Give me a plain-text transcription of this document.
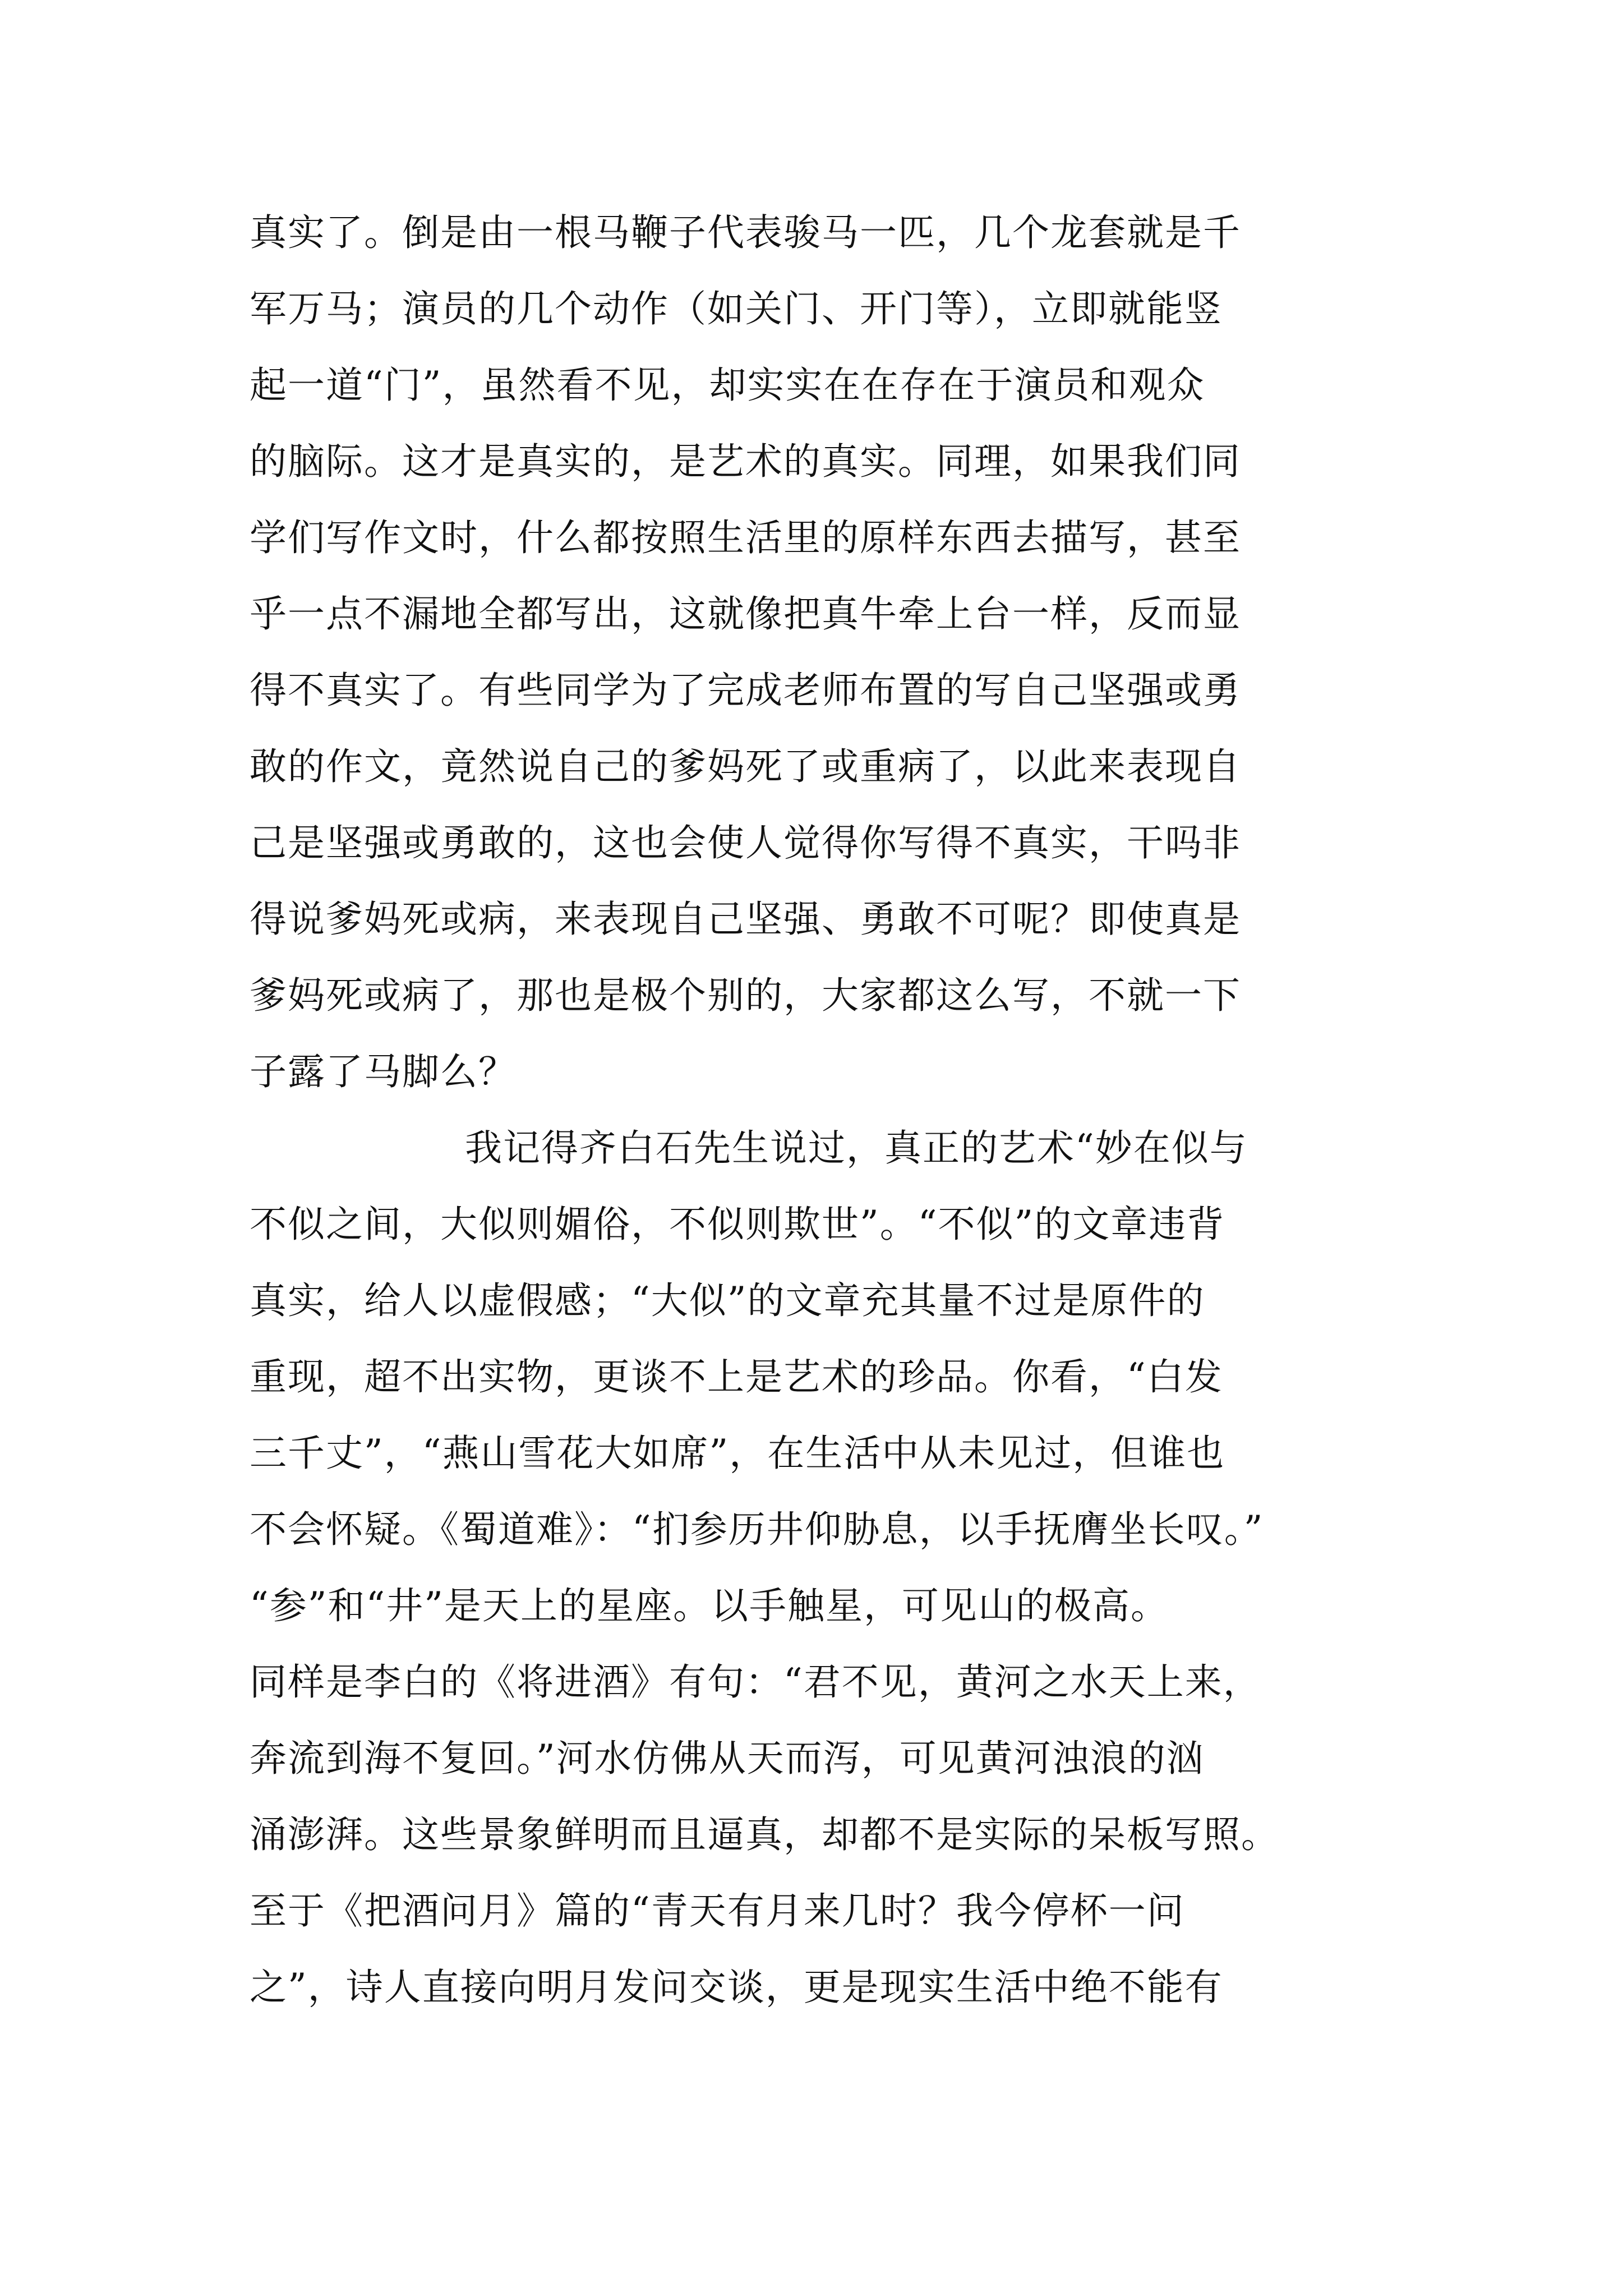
真实了。倒是由一根马鞭子代表骏马一匹，几个龙套就是千
军万马；演员的几个动作（如关门、开门等），立即就能竖
起一道“门”，虽然看不见，却实实在在存在于演员和观众
的脑际。这才是真实的，是艺术的真实。同理，如果我们同
学们写作文时，什么都按照生活里的原样东西去描写，甚至
乎一点不漏地全都写出，这就像把真牛牵上台一样，反而显
得不真实了。有些同学为了完成老师布置的写自己坚强或勇
敢的作文，竟然说自己的爹妈死了或重病了，以此来表现自
己是坚强或勇敢的，这也会使人觉得你写得不真实，干吗非
得说爹妈死或病，来表现自己坚强、勇敢不可呢？即使真是
爹妈死或病了，那也是极个别的，大家都这么写，不就一下
子露了马脚么？
我记得齐白石先生说过，真正的艺术“妙在似与
不似之间，大似则媚俗，不似则欺世”。“不似”的文章违背
真实，给人以虚假感；“大似”的文章充其量不过是原件的
重现，超不出实物，更谈不上是艺术的珍品。你看，“白发
三千丈”，“燕山雪花大如席”，在生活中从未见过，但谁也
不会怀疑。《蜀道难》：“扪参历井仰胁息，以手抚膺坐长叹。”
“参”和“井”是天上的星座。以手触星，可见山的极高。
同样是李白的《将进酒》有句：“君不见，黄河之水天上来，
奔流到海不复回。”河水仿佛从天而泻，可见黄河浊浪的汹
涌澎湃。这些景象鲜明而且逼真，却都不是实际的呆板写照。
至于《把酒问月》篇的“青天有月来几时？我今停杯一问
之”，诗人直接向明月发问交谈，更是现实生活中绝不能有
